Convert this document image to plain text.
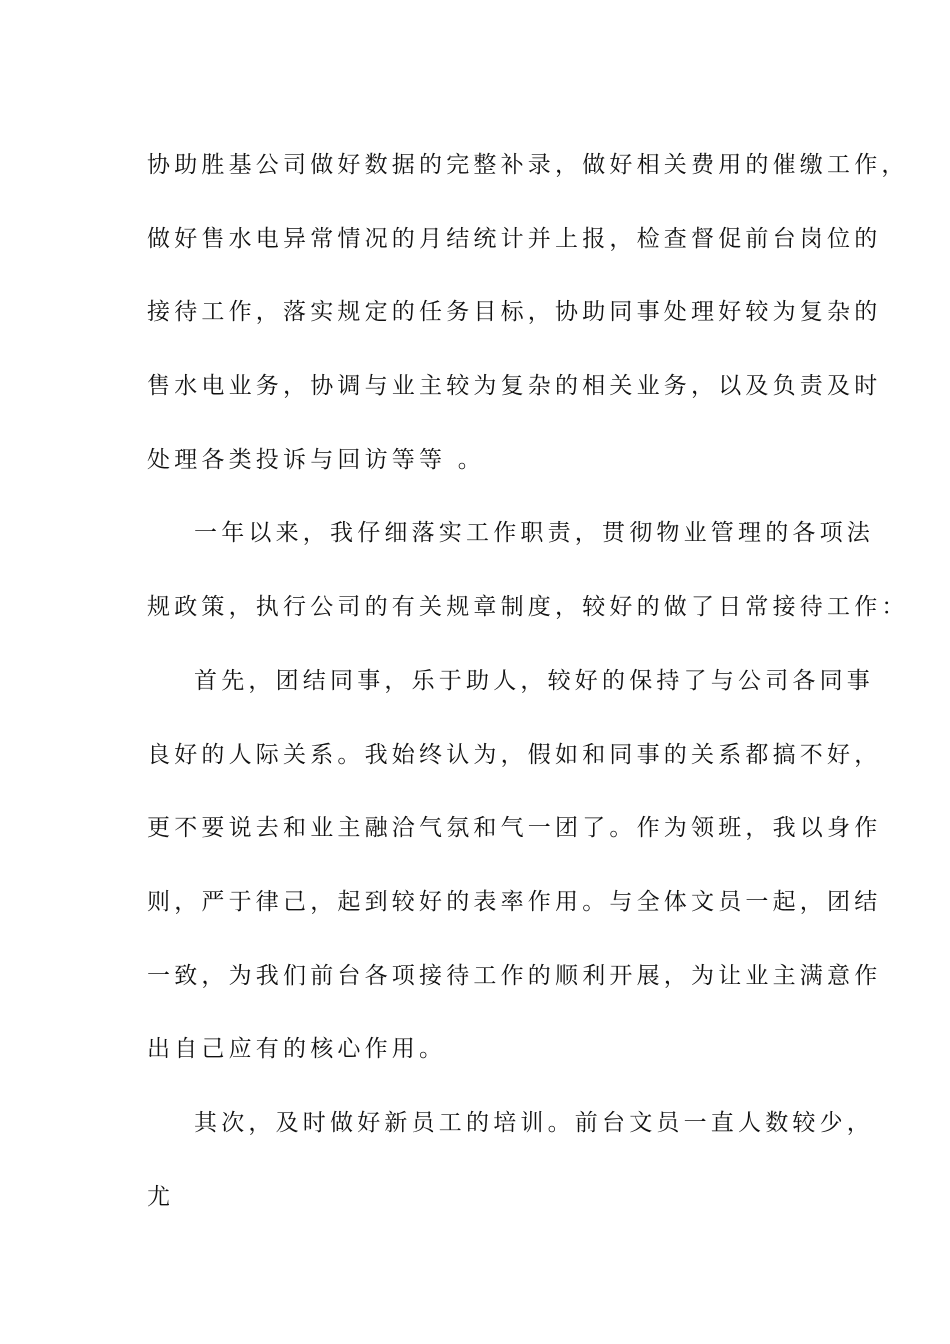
协助胜基公司做好数据的完整补录，做好相关费用的催缴工作，
做好售水电异常情况的月结统计并上报，检查督促前台岗位的
接待工作，落实规定的任务目标，协助同事处理好较为复杂的
售水电业务，协调与业主较为复杂的相关业务，以及负责及时
处理各类投诉与回访等等 。
一年以来，我仔细落实工作职责，贯彻物业管理的各项法
规政策，执行公司的有关规章制度，较好的做了日常接待工作：
首先，团结同事，乐于助人，较好的保持了与公司各同事
良好的人际关系。我始终认为，假如和同事的关系都搞不好，
更不要说去和业主融洽气氛和气一团了。作为领班，我以身作
则，严于律己，起到较好的表率作用。与全体文员一起，团结
一致，为我们前台各项接待工作的顺利开展，为让业主满意作
出自己应有的核心作用。
其次，及时做好新员工的培训。前台文员一直人数较少，
尤
